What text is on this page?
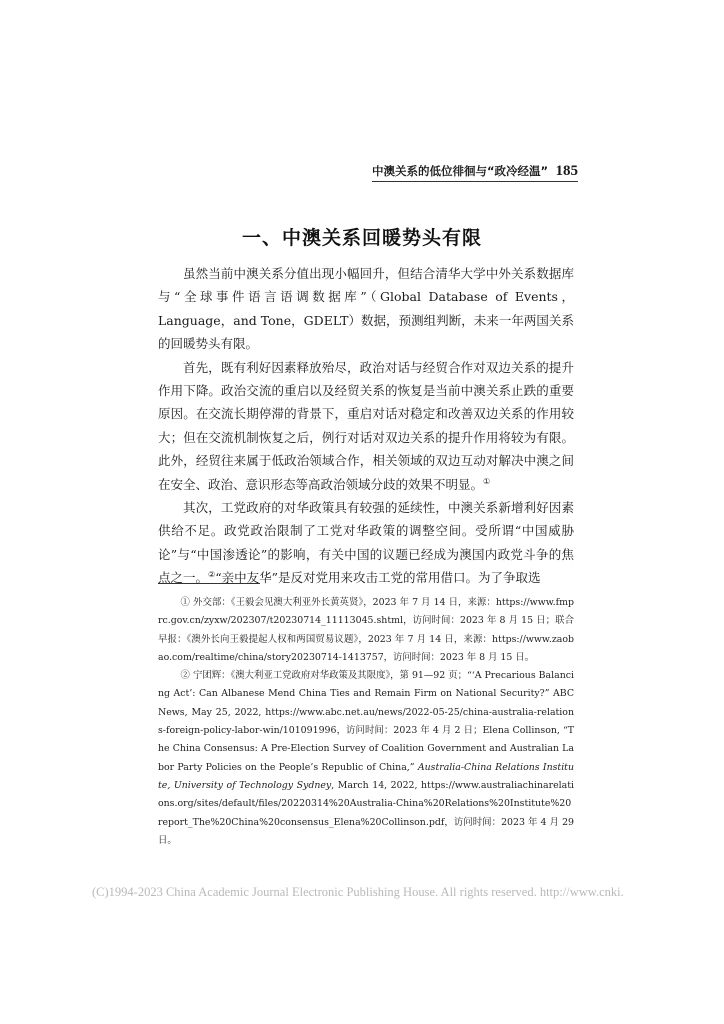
中澳关系的低位徘徊与“政冷经温” 185
一、中澳关系回暖势头有限

虽然当前中澳关系分值出现小幅回升，但结合清华大学中外关系数据库与“全球事件语言语调数据库”（Global Database of Events，Language，and Tone，GDELT）数据，预测组判断，未来一年两国关系的回暖势头有限。

首先，既有利好因素释放殆尽，政治对话与经贸合作对双边关系的提升作用下降。政治交流的重启以及经贸关系的恢复是当前中澳关系止跌的重要原因。在交流长期停滞的背景下，重启对话对稳定和改善双边关系的作用较大；但在交流机制恢复之后，例行对话对双边关系的提升作用将较为有限。此外，经贸往来属于低政治领域合作，相关领域的双边互动对解决中澳之间在安全、政治、意识形态等高政治领域分歧的效果不明显。①

其次，工党政府的对华政策具有较强的延续性，中澳关系新增利好因素供给不足。政党政治限制了工党对华政策的调整空间。受所谓“中国威胁论”与“中国渗透论”的影响，有关中国的议题已经成为澳国内政党斗争的焦点之一。②“亲中友华”是反对党用来攻击工党的常用借口。为了争取选

① 外交部：《王毅会见澳大利亚外长黄英贤》，2023 年 7 月 14 日，来源：https://www.fmprc.gov.cn/zyxw/202307/t20230714_11113045.shtml，访问时间：2023 年 8 月 15 日；联合早报：《澳外长向王毅提起人权和两国贸易议题》，2023 年 7 月 14 日，来源：https://www.zaobao.com/realtime/china/story20230714-1413757，访问时间：2023 年 8 月 15 日。

② 宁团辉：《澳大利亚工党政府对华政策及其限度》，第 91—92 页；“‘A Precarious Balancing Act’: Can Albanese Mend China Ties and Remain Firm on National Security?” ABC News, May 25, 2022, https://www.abc.net.au/news/2022-05-25/china-australia-relations-foreign-policy-labor-win/101091996，访问时间：2023 年 4 月 2 日；Elena Collinson, “The China Consensus: A Pre-Election Survey of Coalition Government and Australian Labor Party Policies on the People’s Republic of China,” Australia-China Relations Institute, University of Technology Sydney, March 14, 2022, https://www.australiachinarelations.org/sites/default/files/20220314%20Australia-China%20Relations%20Institute%20report_The%20China%20consensus_Elena%20Collinson.pdf，访问时间：2023 年 4 月 29 日。

(C)1994-2023 China Academic Journal Electronic Publishing House. All rights reserved. http://www.cnki.
